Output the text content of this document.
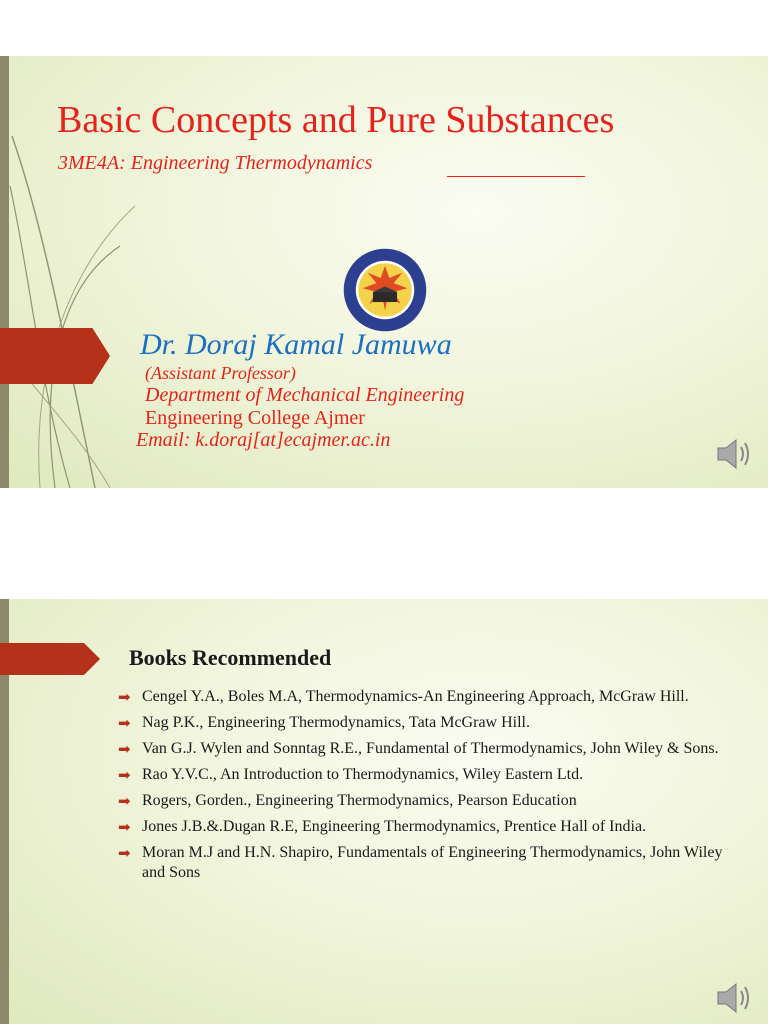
Basic Concepts and Pure Substances
3ME4A: Engineering Thermodynamics
Dr. Doraj Kamal Jamuwa
(Assistant Professor)
Department of Mechanical Engineering
Engineering College Ajmer
Email: k.doraj[at]ecajmer.ac.in
Books Recommended
➡ Cengel Y.A., Boles M.A, Thermodynamics-An Engineering Approach, McGraw Hill.
➡ Nag P.K., Engineering Thermodynamics, Tata McGraw Hill.
➡ Van G.J. Wylen and Sonntag R.E., Fundamental of Thermodynamics, John Wiley & Sons.
➡ Rao Y.V.C., An Introduction to Thermodynamics, Wiley Eastern Ltd.
➡ Rogers, Gorden., Engineering Thermodynamics, Pearson Education
➡ Jones J.B.&.Dugan R.E, Engineering Thermodynamics, Prentice Hall of India.
➡ Moran M.J and H.N. Shapiro, Fundamentals of Engineering Thermodynamics, John Wiley and Sons
